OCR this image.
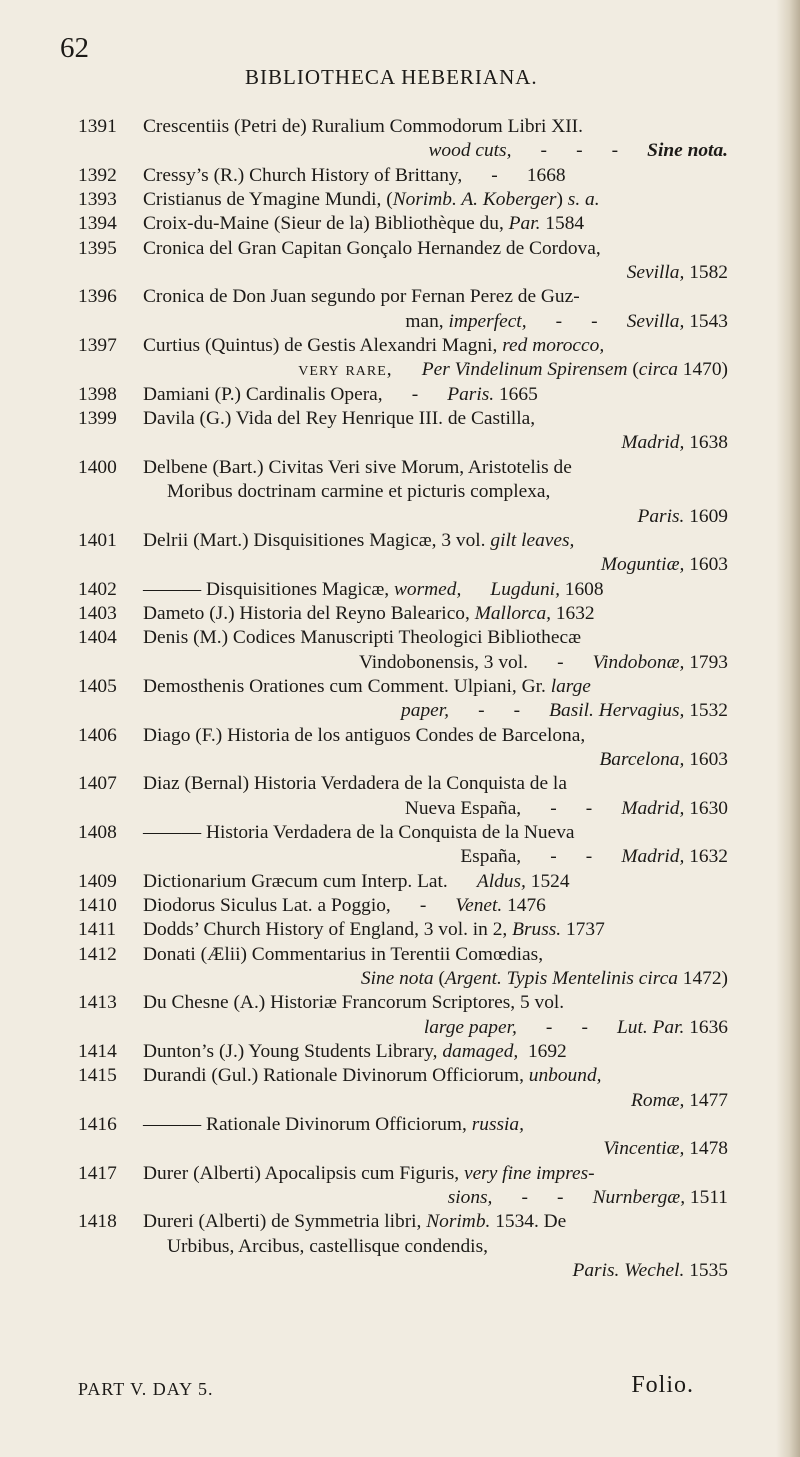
62
BIBLIOTHECA HEBERIANA.
1391 Crescentiis (Petri de) Ruralium Commodorum Libri XII.
wood cuts,      -      -      -      Sine nota.
1392 Cressy’s (R.) Church History of Brittany,      -      1668
1393 Cristianus de Ymagine Mundi, (Norimb. A. Koberger) s. a.
1394 Croix-du-Maine (Sieur de la) Bibliothèque du, Par. 1584
1395 Cronica del Gran Capitan Gonçalo Hernandez de Cordova,
Sevilla, 1582
1396 Cronica de Don Juan segundo por Fernan Perez de Guz-
man, imperfect,      -      -      Sevilla, 1543
1397 Curtius (Quintus) de Gestis Alexandri Magni, red morocco,
very rare, Per Vindelinum Spirensem (circa 1470)
1398 Damiani (P.) Cardinalis Opera,      -      Paris. 1665
1399 Davila (G.) Vida del Rey Henrique III. de Castilla,
Madrid, 1638
1400 Delbene (Bart.) Civitas Veri sive Morum, Aristotelis de
Moribus doctrinam carmine et picturis complexa,
Paris. 1609
1401 Delrii (Mart.) Disquisitiones Magicæ, 3 vol. gilt leaves,
Moguntiæ, 1603
1402 ——— Disquisitiones Magicæ, wormed, Lugduni, 1608
1403 Dameto (J.) Historia del Reyno Balearico, Mallorca, 1632
1404 Denis (M.) Codices Manuscripti Theologici Bibliothecæ
Vindobonensis, 3 vol.      -      Vindobonæ, 1793
1405 Demosthenis Orationes cum Comment. Ulpiani, Gr. large
paper,      -      -      Basil. Hervagius, 1532
1406 Diago (F.) Historia de los antiguos Condes de Barcelona,
Barcelona, 1603
1407 Diaz (Bernal) Historia Verdadera de la Conquista de la
Nueva España,      -      -      Madrid, 1630
1408 ——— Historia Verdadera de la Conquista de la Nueva
España,      -      -      Madrid, 1632
1409 Dictionarium Græcum cum Interp. Lat.      Aldus, 1524
1410 Diodorus Siculus Lat. a Poggio,      -      Venet. 1476
1411 Dodds’ Church History of England, 3 vol. in 2, Bruss. 1737
1412 Donati (Ælii) Commentarius in Terentii Comœdias,
Sine nota (Argent. Typis Mentelinis circa 1472)
1413 Du Chesne (A.) Historiæ Francorum Scriptores, 5 vol.
large paper,      -      -      Lut. Par. 1636
1414 Dunton’s (J.) Young Students Library, damaged,  1692
1415 Durandi (Gul.) Rationale Divinorum Officiorum, unbound,
Romæ, 1477
1416 ——— Rationale Divinorum Officiorum, russia,
Vincentiæ, 1478
1417 Durer (Alberti) Apocalipsis cum Figuris, very fine impres-
sions,      -      -      Nurnbergæ, 1511
1418 Dureri (Alberti) de Symmetria libri, Norimb. 1534. De
Urbibus, Arcibus, castellisque condendis,
Paris. Wechel. 1535
PART V. DAY 5.	Folio.
